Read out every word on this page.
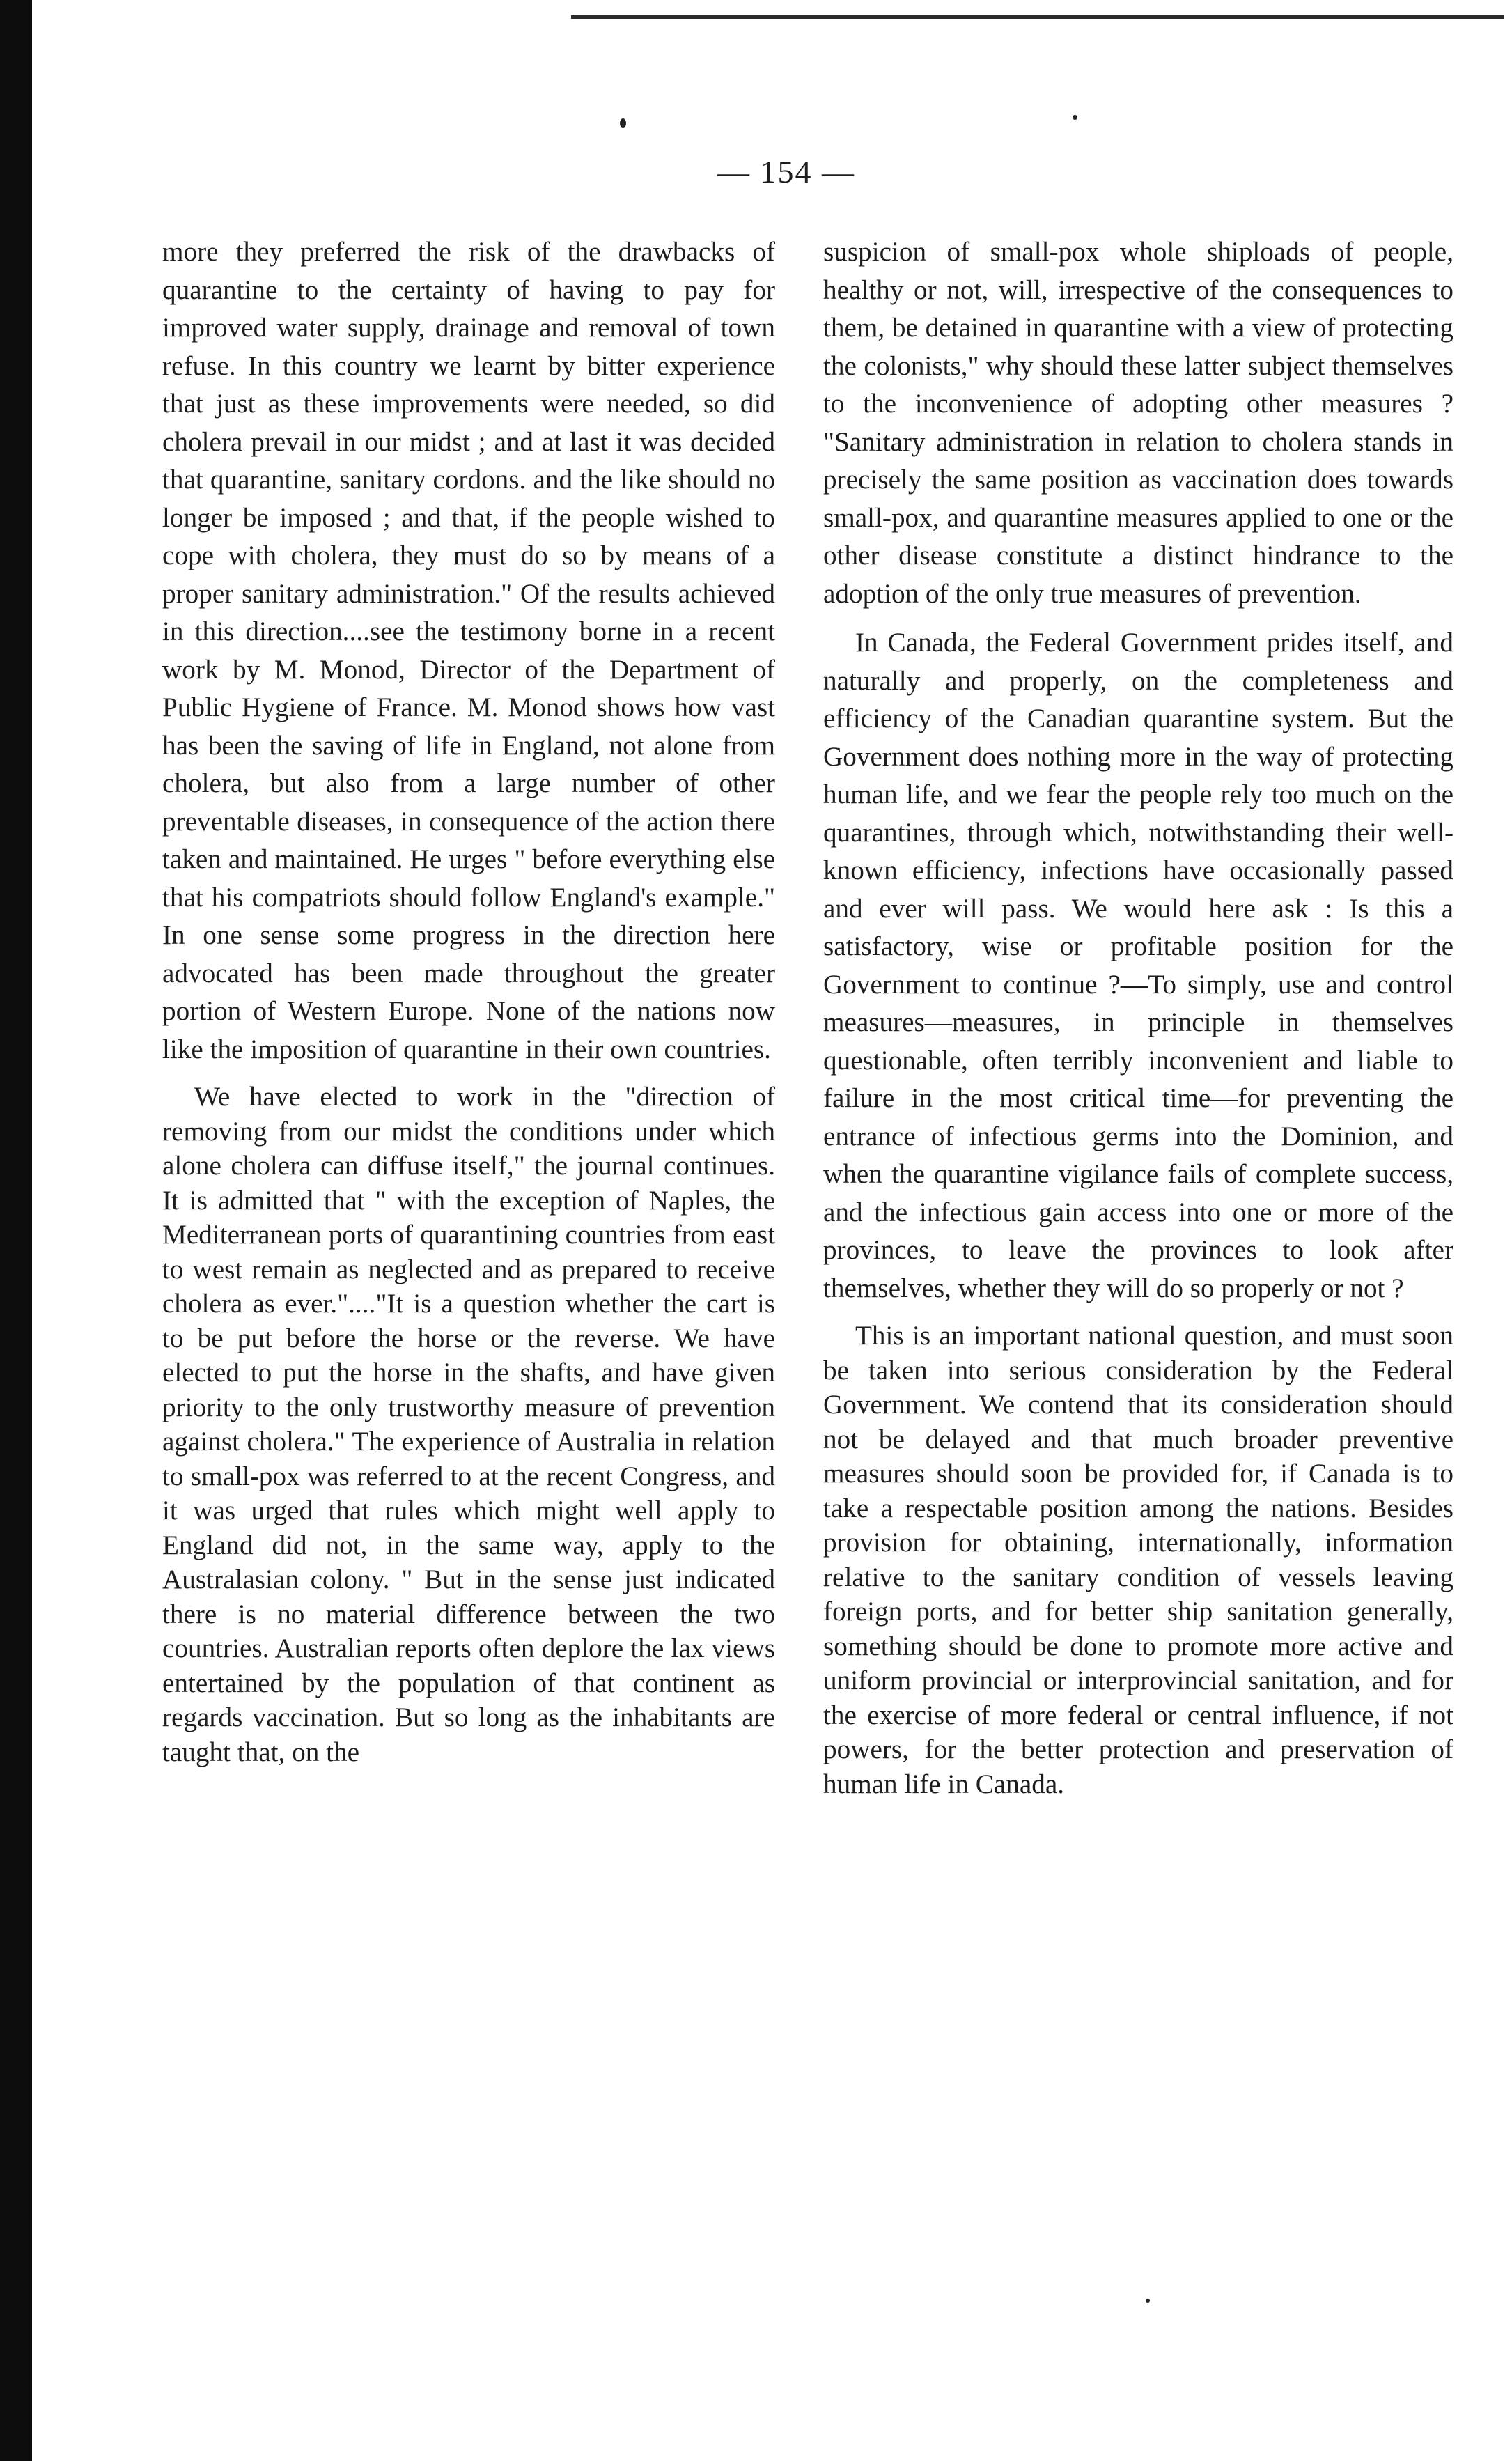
— 154 —

more they preferred the risk of the drawbacks of quarantine to the certainty of having to pay for improved water supply, drainage and removal of town refuse. In this country we learnt by bitter experience that just as these improvements were needed, so did cholera prevail in our midst ; and at last it was decided that quarantine, sanitary cordons. and the like should no longer be imposed ; and that, if the people wished to cope with cholera, they must do so by means of a proper sanitary administration." Of the results achieved in this direction....see the testimony borne in a recent work by M. Monod, Director of the Department of Public Hygiene of France. M. Monod shows how vast has been the saving of life in England, not alone from cholera, but also from a large number of other preventable diseases, in consequence of the action there taken and maintained. He urges " before everything else that his compatriots should follow England's example." In one sense some progress in the direction here advocated has been made throughout the greater portion of Western Europe. None of the nations now like the imposition of quarantine in their own countries.

We have elected to work in the "direction of removing from our midst the conditions under which alone cholera can diffuse itself," the journal continues. It is admitted that " with the exception of Naples, the Mediterranean ports of quarantining countries from east to west remain as neglected and as prepared to receive cholera as ever."...."It is a question whether the cart is to be put before the horse or the reverse. We have elected to put the horse in the shafts, and have given priority to the only trustworthy measure of prevention against cholera." The experience of Australia in relation to small-pox was referred to at the recent Congress, and it was urged that rules which might well apply to England did not, in the same way, apply to the Australasian colony. " But in the sense just indicated there is no material difference between the two countries. Australian reports often deplore the lax views entertained by the population of that continent as regards vaccination. But so long as the inhabitants are taught that, on the

suspicion of small-pox whole shiploads of people, healthy or not, will, irrespective of the consequences to them, be detained in quarantine with a view of protecting the colonists," why should these latter subject themselves to the inconvenience of adopting other measures ? "Sanitary administration in relation to cholera stands in precisely the same position as vaccination does towards small-pox, and quarantine measures applied to one or the other disease constitute a distinct hindrance to the adoption of the only true measures of prevention.

In Canada, the Federal Government prides itself, and naturally and properly, on the completeness and efficiency of the Canadian quarantine system. But the Government does nothing more in the way of protecting human life, and we fear the people rely too much on the quarantines, through which, notwithstanding their well-known efficiency, infections have occasionally passed and ever will pass. We would here ask : Is this a satisfactory, wise or profitable position for the Government to continue ?—To simply, use and control measures—measures, in principle in themselves questionable, often terribly inconvenient and liable to failure in the most critical time—for preventing the entrance of infectious germs into the Dominion, and when the quarantine vigilance fails of complete success, and the infectious gain access into one or more of the provinces, to leave the provinces to look after themselves, whether they will do so properly or not ?

This is an important national question, and must soon be taken into serious consideration by the Federal Government. We contend that its consideration should not be delayed and that much broader preventive measures should soon be provided for, if Canada is to take a respectable position among the nations. Besides provision for obtaining, internationally, information relative to the sanitary condition of vessels leaving foreign ports, and for better ship sanitation generally, something should be done to promote more active and uniform provincial or interprovincial sanitation, and for the exercise of more federal or central influence, if not powers, for the better protection and preservation of human life in Canada.
